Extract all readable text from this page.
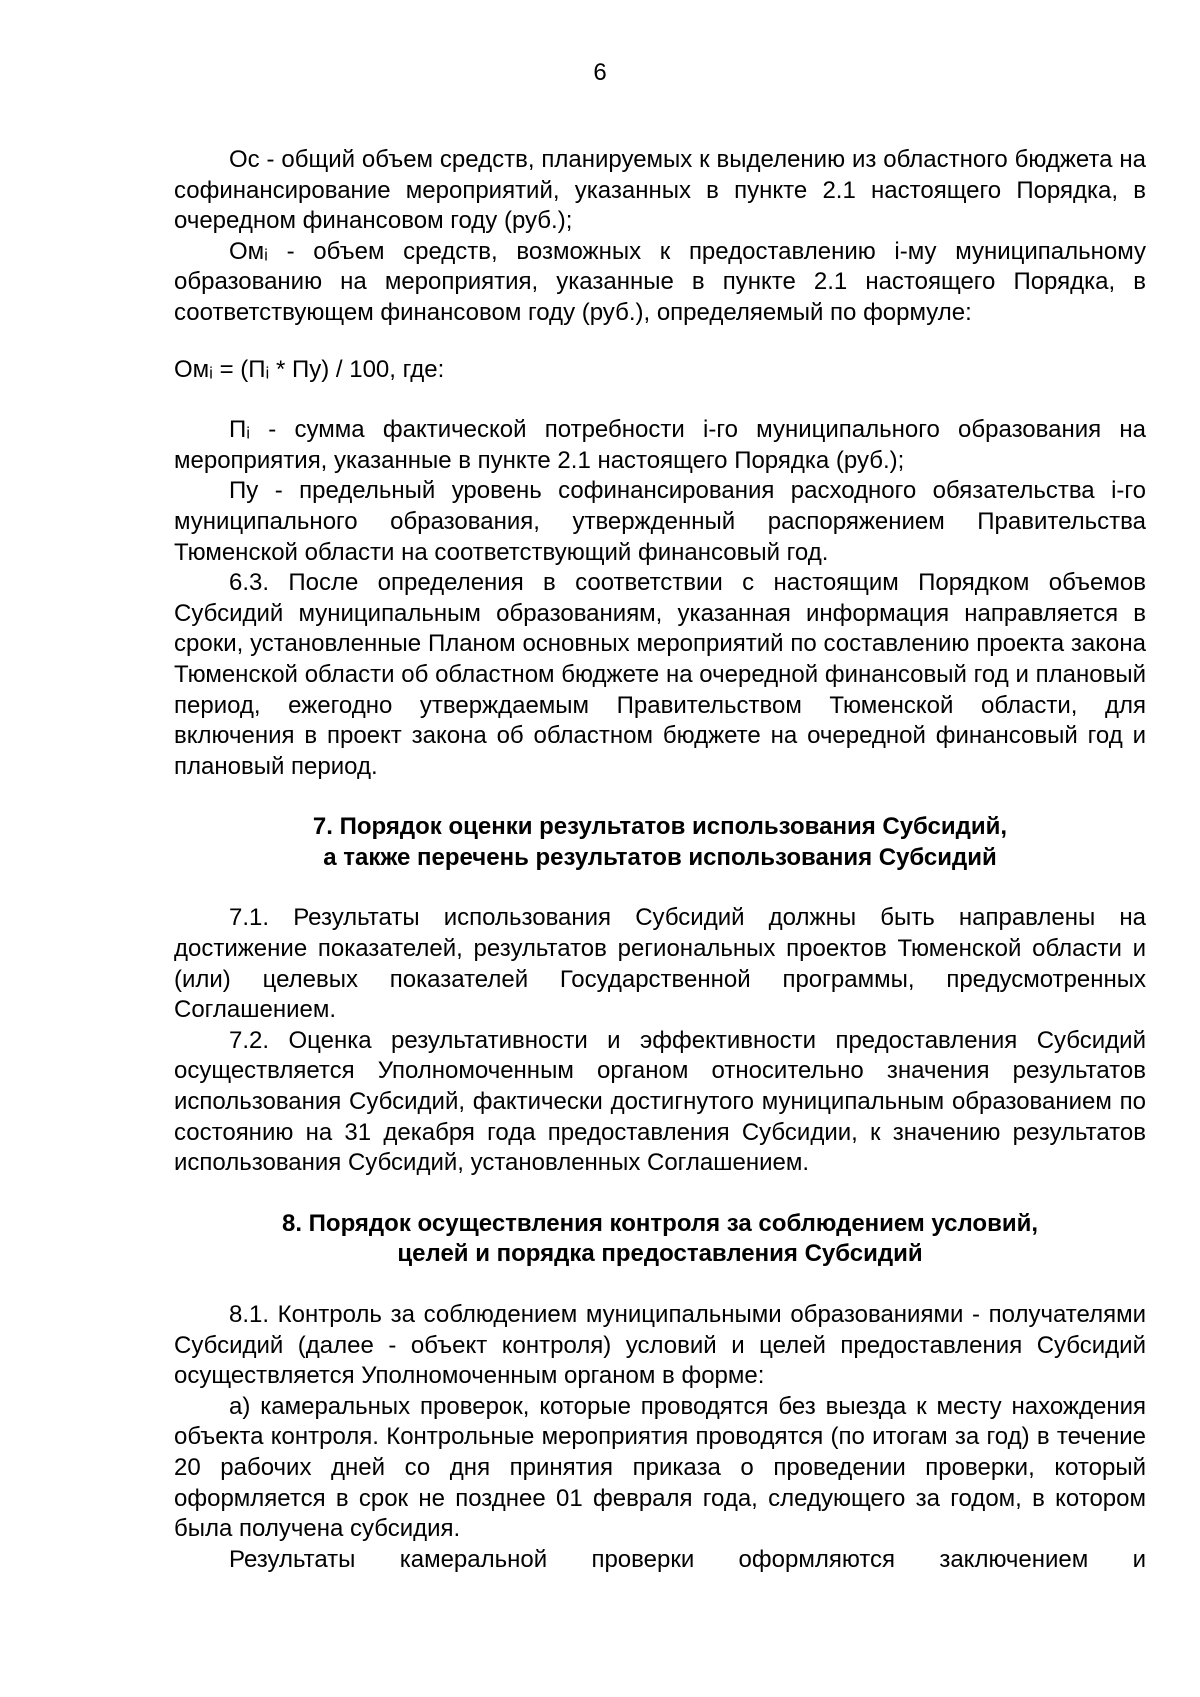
6

Ос - общий объем средств, планируемых к выделению из областного бюджета на софинансирование мероприятий, указанных в пункте 2.1 настоящего Порядка, в очередном финансовом году (руб.);

Омᵢ - объем средств, возможных к предоставлению i-му муниципальному образованию на мероприятия, указанные в пункте 2.1 настоящего Порядка, в соответствующем финансовом году (руб.), определяемый по формуле:

Омᵢ = (Пᵢ * Пу) / 100, где:

Пᵢ - сумма фактической потребности i-го муниципального образования на мероприятия, указанные в пункте 2.1 настоящего Порядка (руб.);

Пу - предельный уровень софинансирования расходного обязательства i-го муниципального образования, утвержденный распоряжением Правительства Тюменской области на соответствующий финансовый год.

6.3. После определения в соответствии с настоящим Порядком объемов Субсидий муниципальным образованиям, указанная информация направляется в сроки, установленные Планом основных мероприятий по составлению проекта закона Тюменской области об областном бюджете на очередной финансовый год и плановый период, ежегодно утверждаемым Правительством Тюменской области, для включения в проект закона об областном бюджете на очередной финансовый год и плановый период.

7. Порядок оценки результатов использования Субсидий,
а также перечень результатов использования Субсидий

7.1. Результаты использования Субсидий должны быть направлены на достижение показателей, результатов региональных проектов Тюменской области и (или) целевых показателей Государственной программы, предусмотренных Соглашением.

7.2. Оценка результативности и эффективности предоставления Субсидий осуществляется Уполномоченным органом относительно значения результатов использования Субсидий, фактически достигнутого муниципальным образованием по состоянию на 31 декабря года предоставления Субсидии, к значению результатов использования Субсидий, установленных Соглашением.

8. Порядок осуществления контроля за соблюдением условий,
целей и порядка предоставления Субсидий

8.1. Контроль за соблюдением муниципальными образованиями - получателями Субсидий (далее - объект контроля) условий и целей предоставления Субсидий осуществляется Уполномоченным органом в форме:

а) камеральных проверок, которые проводятся без выезда к месту нахождения объекта контроля. Контрольные мероприятия проводятся (по итогам за год) в течение 20 рабочих дней со дня принятия приказа о проведении проверки, который оформляется в срок не позднее 01 февраля года, следующего за годом, в котором была получена субсидия.

Результаты камеральной проверки оформляются заключением и
